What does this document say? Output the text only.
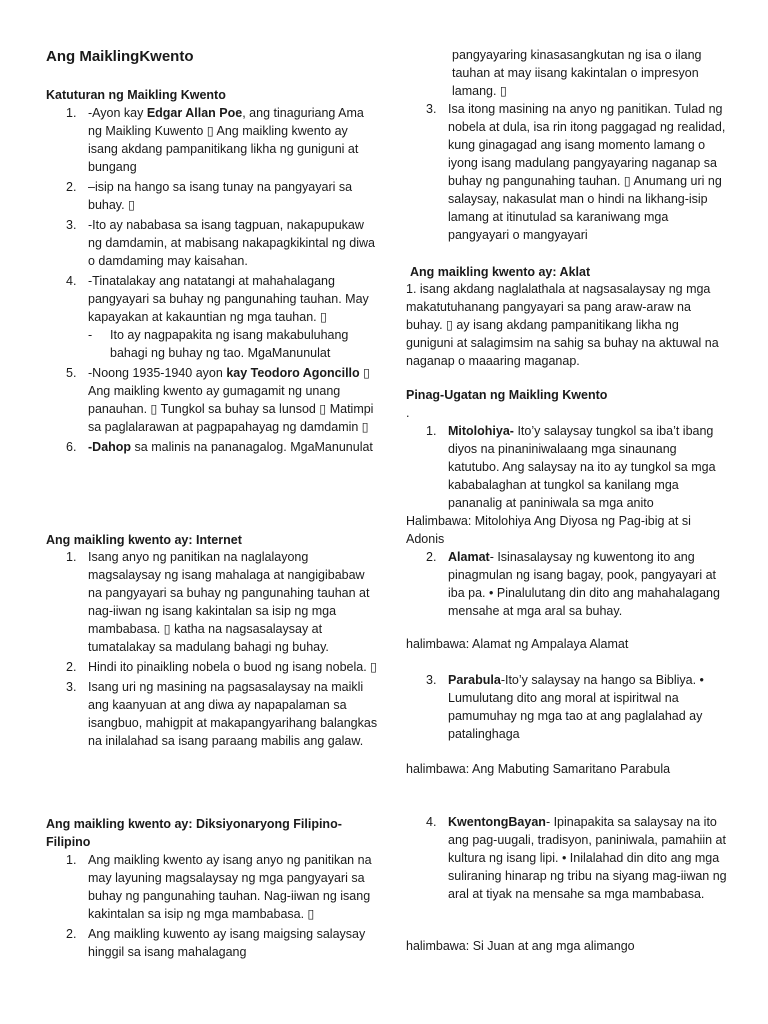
Ang MaiklingKwento
Katuturan ng Maikling Kwento
1. -Ayon kay Edgar Allan Poe, ang tinaguriang Ama ng Maikling Kuwento ▯ Ang maikling kwento ay isang akdang pampanitikang likha ng guniguni at bungang
2. –isip na hango sa isang tunay na pangyayari sa buhay. ▯
3. -Ito ay nababasa sa isang tagpuan, nakapupukaw ng damdamin, at mabisang nakapagkikintal ng diwa o damdaming may kaisahan.
4. -Tinatalakay ang natatangi at mahahalagang pangyayari sa buhay ng pangunahing tauhan. May kapayakan at kakauntian ng mga tauhan. ▯
- Ito ay nagpapakita ng isang makabuluhang bahagi ng buhay ng tao. MgaManunulat
5. -Noong 1935-1940 ayon kay Teodoro Agoncillo ▯ Ang maikling kwento ay gumagamit ng unang panauhan. ▯ Tungkol sa buhay sa lunsod ▯ Matimpi sa paglalarawan at pagpapahayag ng damdamin ▯
6. -Dahop sa malinis na pananagalog. MgaManunulat
Ang maikling kwento ay: Internet
1. Isang anyo ng panitikan na naglalayong magsalaysay ng isang mahalaga at nangigibabaw na pangyayari sa buhay ng pangunahing tauhan at nag-iiwan ng isang kakintalan sa isip ng mga mambabasa. ▯ katha na nagsasalaysay at tumatalakay sa madulang bahagi ng buhay.
2. Hindi ito pinaikling nobela o buod ng isang nobela. ▯
3. Isang uri ng masining na pagsasalaysay na maikli ang kaanyuan at ang diwa ay napapalaman sa isangbuo, mahigpit at makapangyarihang balangkas na inilalahad sa isang paraang mabilis ang galaw.
Ang maikling kwento ay: Diksiyonaryong Filipino-Filipino
1. Ang maikling kwento ay isang anyo ng panitikan na may layuning magsalaysay ng mga pangyayari sa buhay ng pangunahing tauhan. Nag-iiwan ng isang kakintalan sa isip ng mga mambabasa. ▯
2. Ang maikling kuwento ay isang maigsing salaysay hinggil sa isang mahalagang

pangyayaring kinasasangkutan ng isa o ilang tauhan at may iisang kakintalan o impresyon lamang. ▯

3. Isa itong masining na anyo ng panitikan. Tulad ng nobela at dula, isa rin itong paggagad ng realidad, kung ginagagad ang isang momento lamang o iyong isang madulang pangyayaring naganap sa buhay ng pangunahing tauhan. ▯ Anumang uri ng salaysay, nakasulat man o hindi na likhang-isip lamang at itinutulad sa karaniwang mga pangyayari o mangyayari
Ang maikling kwento ay: Aklat

1. isang akdang naglalathala at nagsasalaysay ng mga makatutuhanang pangyayari sa pang araw-araw na buhay. ▯ ay isang akdang pampanitikang likha ng guniguni at salagimsim na sahig sa buhay na aktuwal na naganap o maaaring maganap.

Pinag-Ugatan ng Maikling Kwento

.

1. Mitolohiya- Ito’y salaysay tungkol sa iba’t ibang diyos na pinaniniwalaang mga sinaunang katutubo. Ang salaysay na ito ay tungkol sa mga kababalaghan at tungkol sa kanilang mga pananalig at paniniwala sa mga anito

Halimbawa: Mitolohiya Ang Diyosa ng Pag-ibig at si Adonis

2. Alamat- Isinasalaysay ng kuwentong ito ang pinagmulan ng isang bagay, pook, pangyayari at iba pa. • Pinalulutang din dito ang mahahalagang mensahe at mga aral sa buhay.

halimbawa: Alamat ng Ampalaya Alamat

3. Parabula-Ito’y salaysay na hango sa Bibliya. • Lumulutang dito ang moral at ispiritwal na pamumuhay ng mga tao at ang paglalahad ay patalinghaga

halimbawa: Ang Mabuting Samaritano Parabula

4. KwentongBayan- Ipinapakita sa salaysay na ito ang pag-uugali, tradisyon, paniniwala, pamahiin at kultura ng isang lipi. • Inilalahad din dito ang mga suliraning hinarap ng tribu na siyang mag-iiwan ng aral at tiyak na mensahe sa mga mambabasa.

halimbawa: Si Juan at ang mga alimango
